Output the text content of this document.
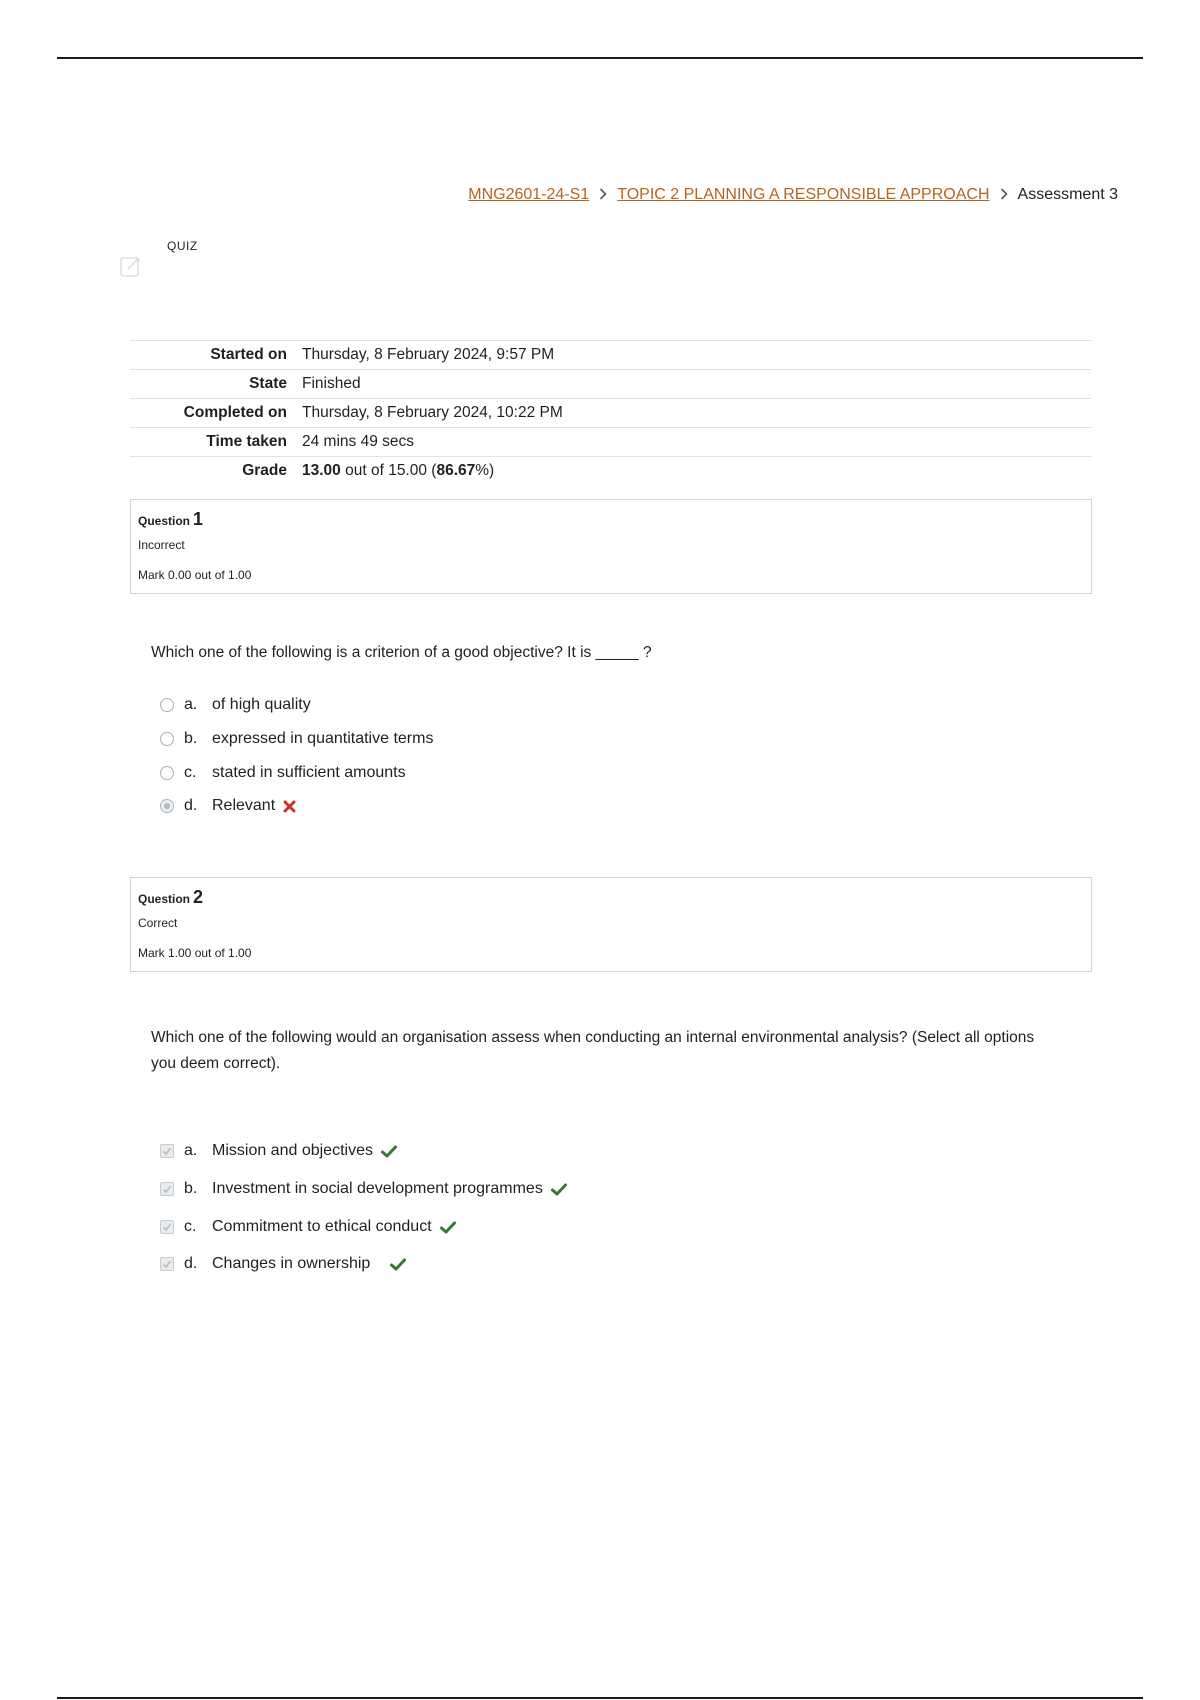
MNG2601-24-S1 TOPIC 2 PLANNING A RESPONSIBLE APPROACH Assessment 3
QUIZ
Started on	Thursday, 8 February 2024, 9:57 PM
State	Finished
Completed on	Thursday, 8 February 2024, 10:22 PM
Time taken	24 mins 49 secs
Grade	13.00 out of 15.00 (86.67%)
Question 1
Incorrect
Mark 0.00 out of 1.00
Which one of the following is a criterion of a good objective? It is _____ ?
a. of high quality
b. expressed in quantitative terms
c. stated in sufficient amounts
d. Relevant
Question 2
Correct
Mark 1.00 out of 1.00
Which one of the following would an organisation assess when conducting an internal environmental analysis? (Select all options you deem correct).
a. Mission and objectives
b. Investment in social development programmes
c. Commitment to ethical conduct
d. Changes in ownership
